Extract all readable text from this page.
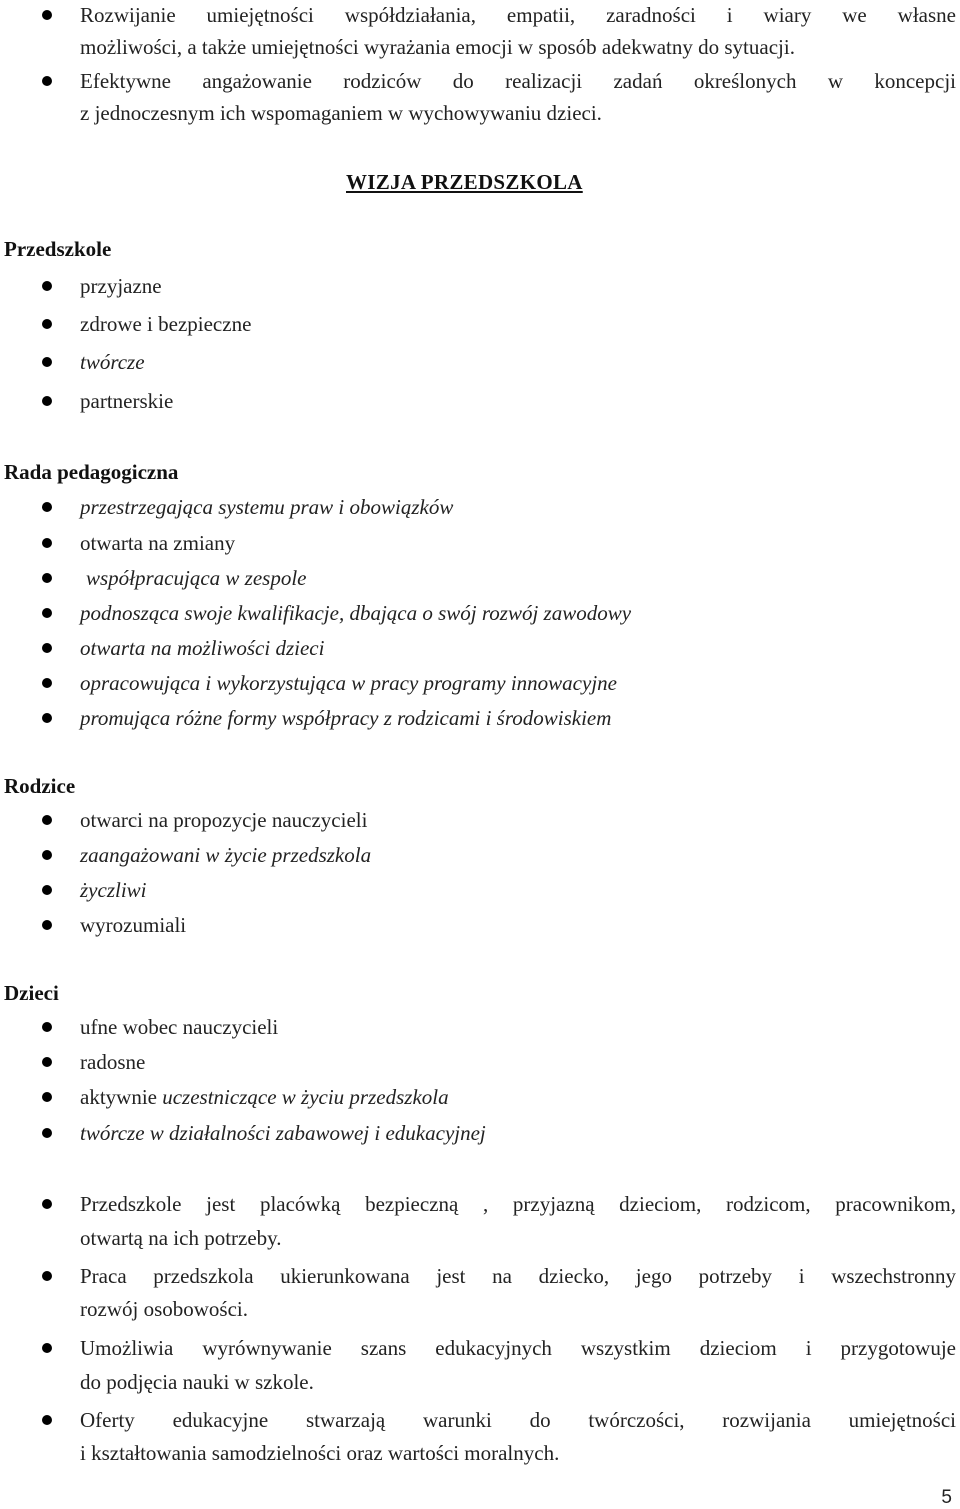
Rozwijanie umiejętności współdziałania, empatii, zaradności i wiary we własne
możliwości, a także umiejętności wyrażania emocji w sposób adekwatny do sytuacji.
Efektywne angażowanie rodziców do realizacji zadań określonych w koncepcji
z jednoczesnym ich wspomaganiem w wychowywaniu dzieci.
WIZJA PRZEDSZKOLA
Przedszkole
przyjazne
zdrowe i bezpieczne
twórcze
partnerskie
Rada pedagogiczna
przestrzegająca systemu praw i obowiązków
otwarta na zmiany
współpracująca w zespole
podnosząca swoje kwalifikacje, dbająca o swój rozwój zawodowy
otwarta na możliwości dzieci
opracowująca i wykorzystująca w pracy programy innowacyjne
promująca różne formy współpracy z rodzicami i środowiskiem
Rodzice
otwarci na propozycje nauczycieli
zaangażowani w życie przedszkola
życzliwi
wyrozumiali
Dzieci
ufne wobec nauczycieli
radosne
aktywnie uczestniczące w życiu przedszkola
twórcze w działalności zabawowej i edukacyjnej
Przedszkole jest placówką bezpieczną , przyjazną dzieciom, rodzicom, pracownikom,
otwartą na ich potrzeby.
Praca przedszkola ukierunkowana jest na dziecko, jego potrzeby i wszechstronny
rozwój osobowości.
Umożliwia wyrównywanie szans edukacyjnych wszystkim dzieciom i przygotowuje
do podjęcia nauki w szkole.
Oferty edukacyjne stwarzają warunki do twórczości, rozwijania umiejętności
i kształtowania samodzielności oraz wartości moralnych.
5
